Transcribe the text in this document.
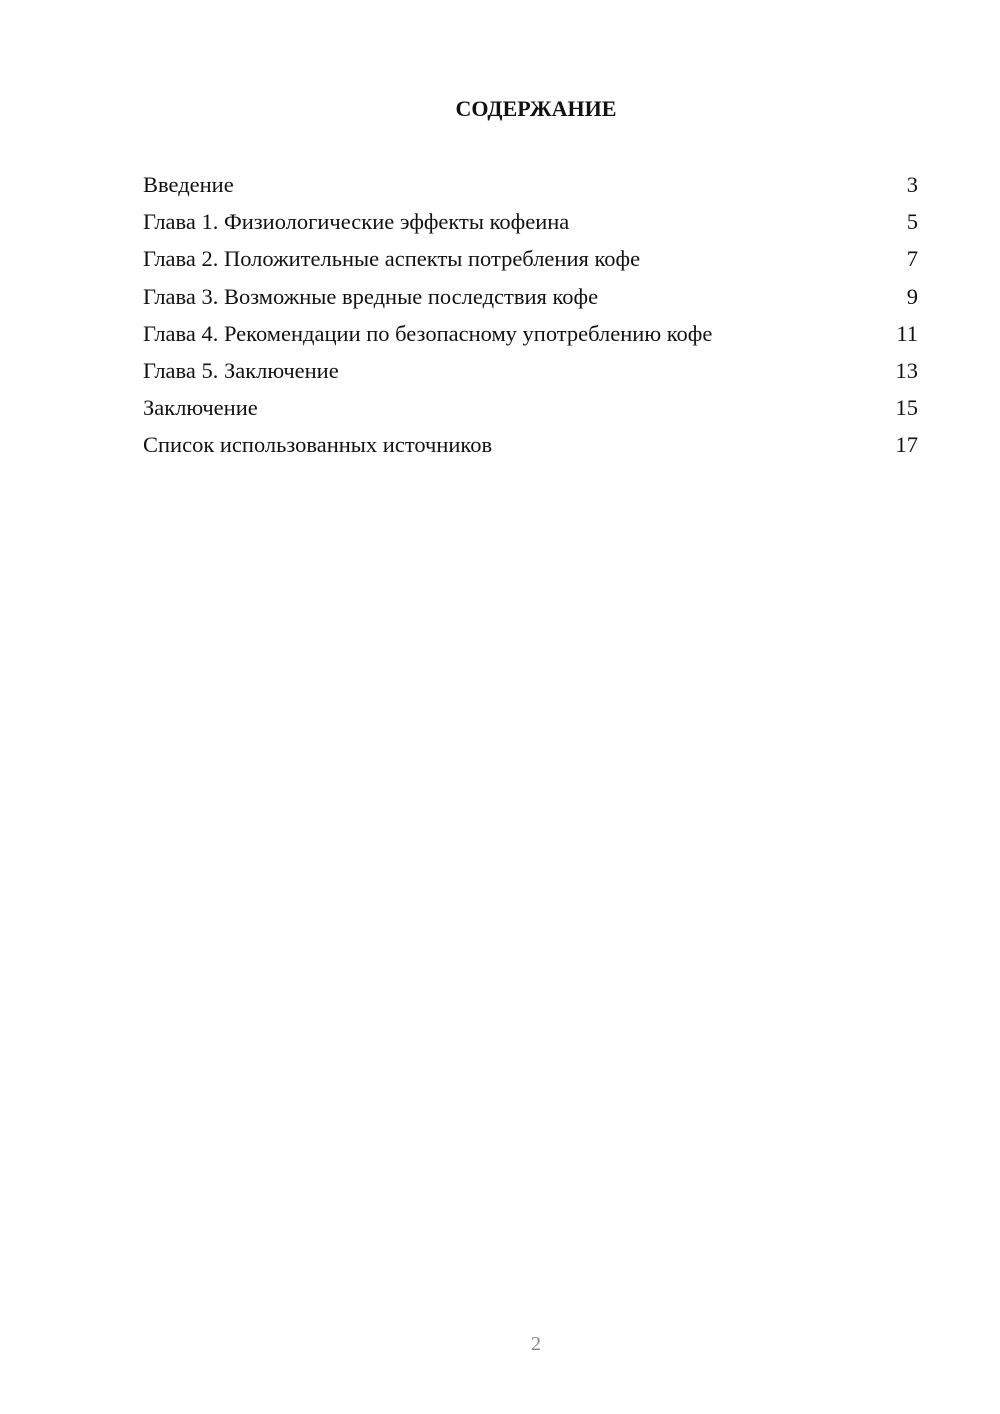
СОДЕРЖАНИЕ
Введение	3
Глава 1. Физиологические эффекты кофеина	5
Глава 2. Положительные аспекты потребления кофе	7
Глава 3. Возможные вредные последствия кофе	9
Глава 4. Рекомендации по безопасному употреблению кофе	11
Глава 5. Заключение	13
Заключение	15
Список использованных источников	17
2
